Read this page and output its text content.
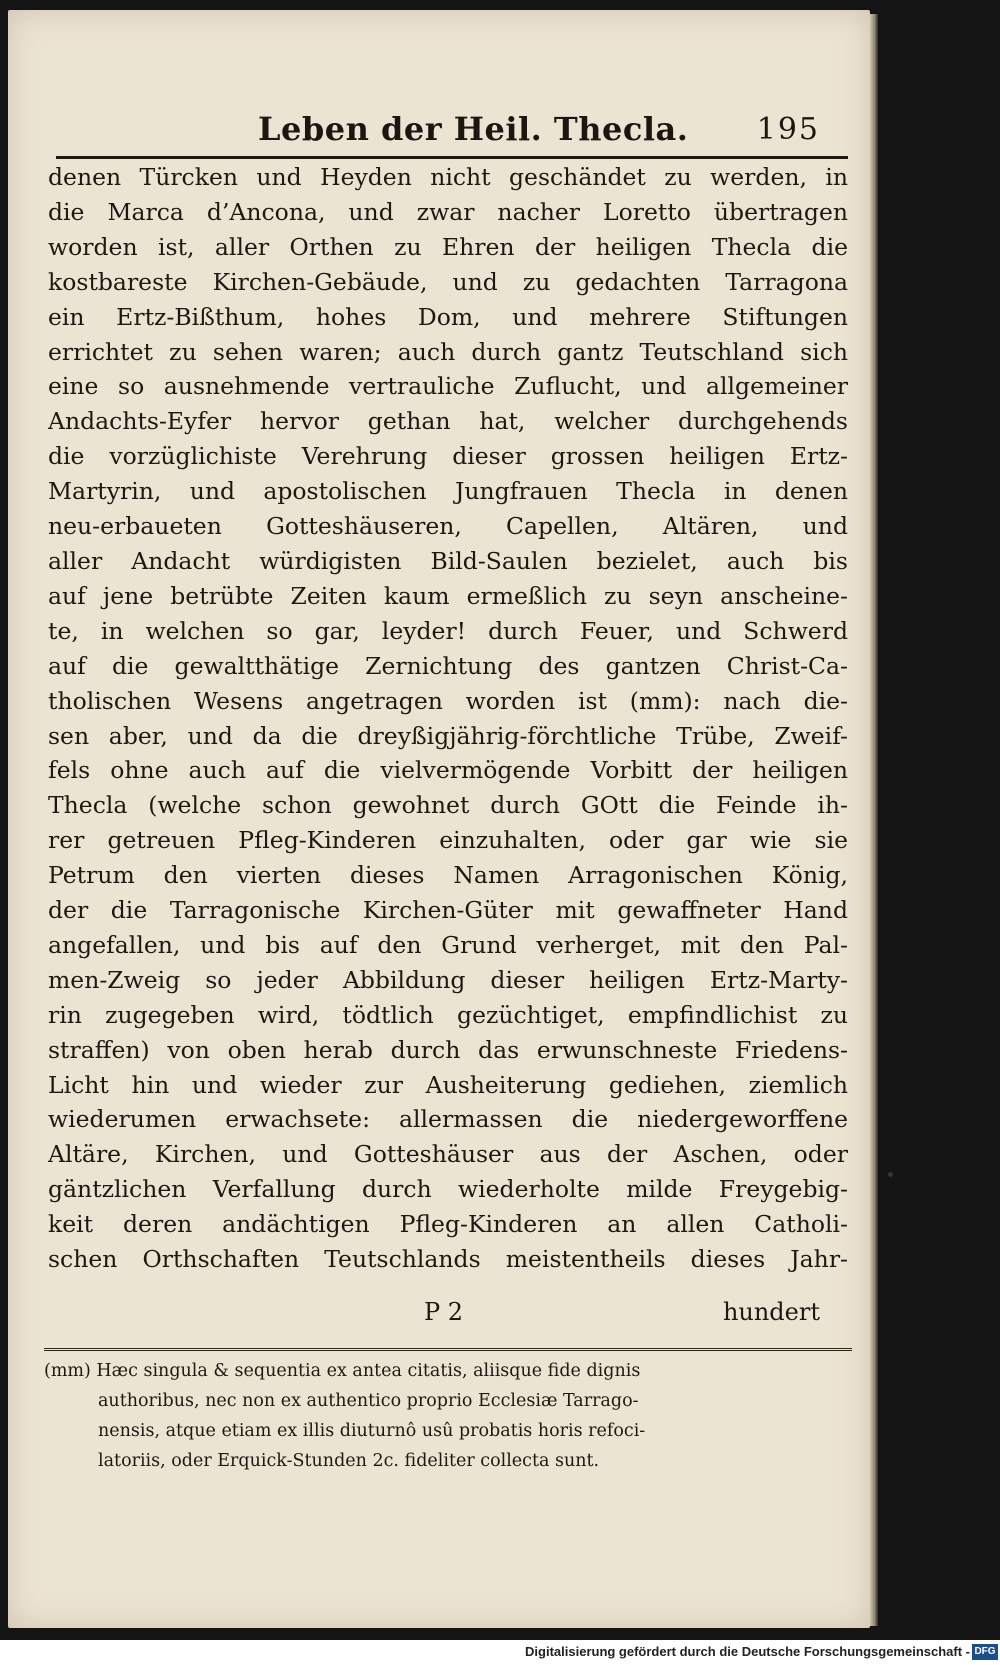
Leben der Heil. Thecla. 195
denen Türcken und Heyden nicht geschändet zu werden, in
die Marca d’Ancona, und zwar nacher Loretto übertragen
worden ist, aller Orthen zu Ehren der heiligen Thecla die
kostbareste Kirchen-Gebäude, und zu gedachten Tarragona
ein Ertz-Bißthum, hohes Dom, und mehrere Stiftungen
errichtet zu sehen waren; auch durch gantz Teutschland sich
eine so ausnehmende vertrauliche Zuflucht, und allgemeiner
Andachts-Eyfer hervor gethan hat, welcher durchgehends
die vorzüglichiste Verehrung dieser grossen heiligen Ertz-
Martyrin, und apostolischen Jungfrauen Thecla in denen
neu-erbaueten Gotteshäuseren, Capellen, Altären, und
aller Andacht würdigisten Bild-Saulen bezielet, auch bis
auf jene betrübte Zeiten kaum ermeßlich zu seyn anscheine-
te, in welchen so gar, leyder! durch Feuer, und Schwerd
auf die gewaltthätige Zernichtung des gantzen Christ-Ca-
tholischen Wesens angetragen worden ist (mm): nach die-
sen aber, und da die dreyßigjährig-förchtliche Trübe, Zweif-
fels ohne auch auf die vielvermögende Vorbitt der heiligen
Thecla (welche schon gewohnet durch GOtt die Feinde ih-
rer getreuen Pfleg-Kinderen einzuhalten, oder gar wie sie
Petrum den vierten dieses Namen Arragonischen König,
der die Tarragonische Kirchen-Güter mit gewaffneter Hand
angefallen, und bis auf den Grund verherget, mit den Pal-
men-Zweig so jeder Abbildung dieser heiligen Ertz-Marty-
rin zugegeben wird, tödtlich gezüchtiget, empfindlichist zu
straffen) von oben herab durch das erwunschneste Friedens-
Licht hin und wieder zur Ausheiterung gediehen, ziemlich
wiederumen erwachsete: allermassen die niedergeworffene
Altäre, Kirchen, und Gotteshäuser aus der Aschen, oder
gäntzlichen Verfallung durch wiederholte milde Freygebig-
keit deren andächtigen Pfleg-Kinderen an allen Catholi-
schen Orthschaften Teutschlands meistentheils dieses Jahr-
P 2	hundert
(mm) Hæc singula & sequentia ex antea citatis, aliisque fide dignis
authoribus, nec non ex authentico proprio Ecclesiæ Tarrago-
nensis, atque etiam ex illis diuturnô usû probatis horis refoci-
latoriis, oder Erquick-Stunden 2c. fideliter collecta sunt.
Digitalisierung gefördert durch die Deutsche Forschungsgemeinschaft - DFG
